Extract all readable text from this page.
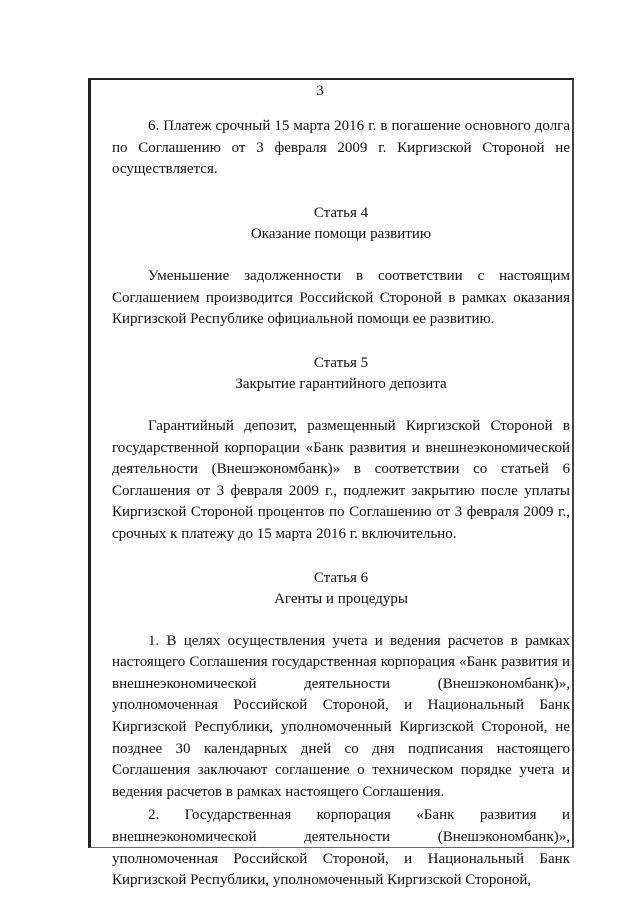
3

6. Платеж срочный 15 марта 2016 г. в погашение основного долга по Соглашению от 3 февраля 2009 г. Киргизской Стороной не осуществляется.

Статья 4

Оказание помощи развитию

Уменьшение задолженности в соответствии с настоящим Соглашением производится Российской Стороной в рамках оказания Киргизской Республике официальной помощи ее развитию.

Статья 5

Закрытие гарантийного депозита

Гарантийный депозит, размещенный Киргизской Стороной в государственной корпорации «Банк развития и внешнеэкономической деятельности (Внешэкономбанк)» в соответствии со статьей 6 Соглашения от 3 февраля 2009 г., подлежит закрытию после уплаты Киргизской Стороной процентов по Соглашению от 3 февраля 2009 г., срочных к платежу до 15 марта 2016 г. включительно.

Статья 6

Агенты и процедуры

1. В целях осуществления учета и ведения расчетов в рамках настоящего Соглашения государственная корпорация «Банк развития и внешнеэкономической деятельности (Внешэкономбанк)», уполномоченная Российской Стороной, и Национальный Банк Киргизской Республики, уполномоченный Киргизской Стороной, не позднее 30 календарных дней со дня подписания настоящего Соглашения заключают соглашение о техническом порядке учета и ведения расчетов в рамках настоящего Соглашения.

2. Государственная корпорация «Банк развития и внешнеэкономической деятельности (Внешэкономбанк)», уполномоченная Российской Стороной, и Национальный Банк Киргизской Республики, уполномоченный Киргизской Стороной,
